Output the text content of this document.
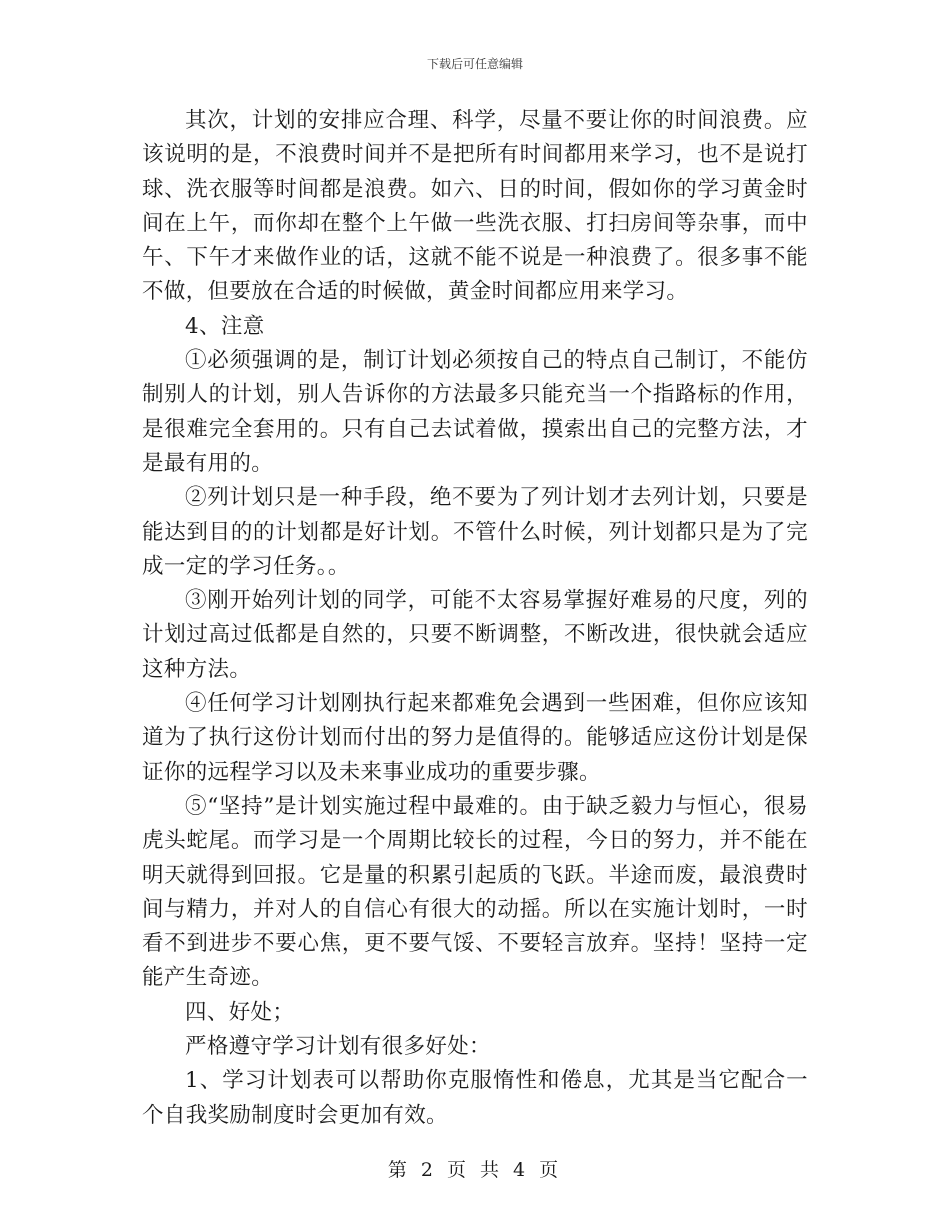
下载后可任意编辑

其次，计划的安排应合理、科学，尽量不要让你的时间浪费。应该说明的是，不浪费时间并不是把所有时间都用来学习，也不是说打球、洗衣服等时间都是浪费。如六、日的时间，假如你的学习黄金时间在上午，而你却在整个上午做一些洗衣服、打扫房间等杂事，而中午、下午才来做作业的话，这就不能不说是一种浪费了。很多事不能不做，但要放在合适的时候做，黄金时间都应用来学习。

4、注意

①必须强调的是，制订计划必须按自己的特点自己制订，不能仿制别人的计划，别人告诉你的方法最多只能充当一个指路标的作用，是很难完全套用的。只有自己去试着做，摸索出自己的完整方法，才是最有用的。

②列计划只是一种手段，绝不要为了列计划才去列计划，只要是能达到目的的计划都是好计划。不管什么时候，列计划都只是为了完成一定的学习任务。。

③刚开始列计划的同学，可能不太容易掌握好难易的尺度，列的计划过高过低都是自然的，只要不断调整，不断改进，很快就会适应这种方法。

④任何学习计划刚执行起来都难免会遇到一些困难，但你应该知道为了执行这份计划而付出的努力是值得的。能够适应这份计划是保证你的远程学习以及未来事业成功的重要步骤。

⑤“坚持”是计划实施过程中最难的。由于缺乏毅力与恒心，很易虎头蛇尾。而学习是一个周期比较长的过程，今日的努力，并不能在明天就得到回报。它是量的积累引起质的飞跃。半途而废，最浪费时间与精力，并对人的自信心有很大的动摇。所以在实施计划时，一时看不到进步不要心焦，更不要气馁、不要轻言放弃。坚持！坚持一定能产生奇迹。

四、好处；

严格遵守学习计划有很多好处：

1、学习计划表可以帮助你克服惰性和倦息，尤其是当它配合一个自我奖励制度时会更加有效。

第 2 页 共 4 页
